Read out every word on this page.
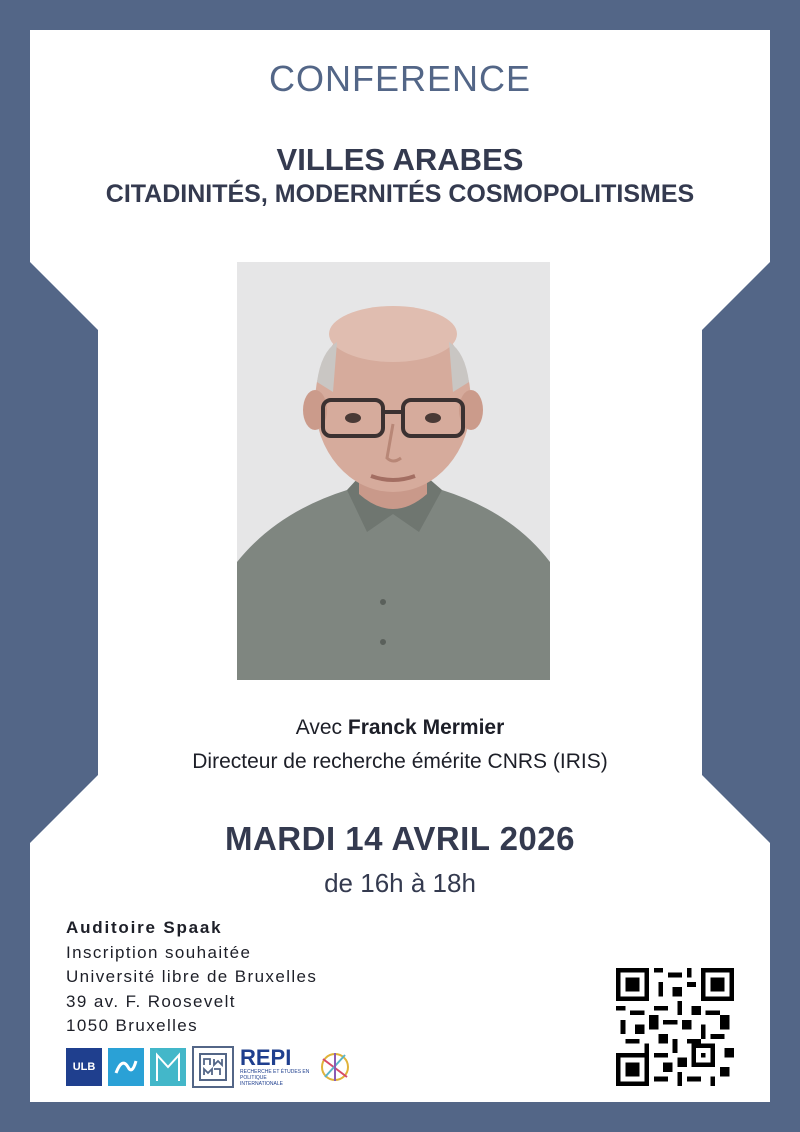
CONFERENCE
VILLES ARABES
CITADINITÉS, MODERNITÉS COSMOPOLITISMES
Avec Franck Mermier
Directeur de recherche émérite CNRS (IRIS)
MARDI 14 AVRIL 2026
de 16h à 18h
Auditoire Spaak
Inscription souhaitée
Université libre de Bruxelles
39 av. F. Roosevelt
1050 Bruxelles
ULB	REPI
RECHERCHE ET ÉTUDES EN
POLITIQUE INTERNATIONALE
